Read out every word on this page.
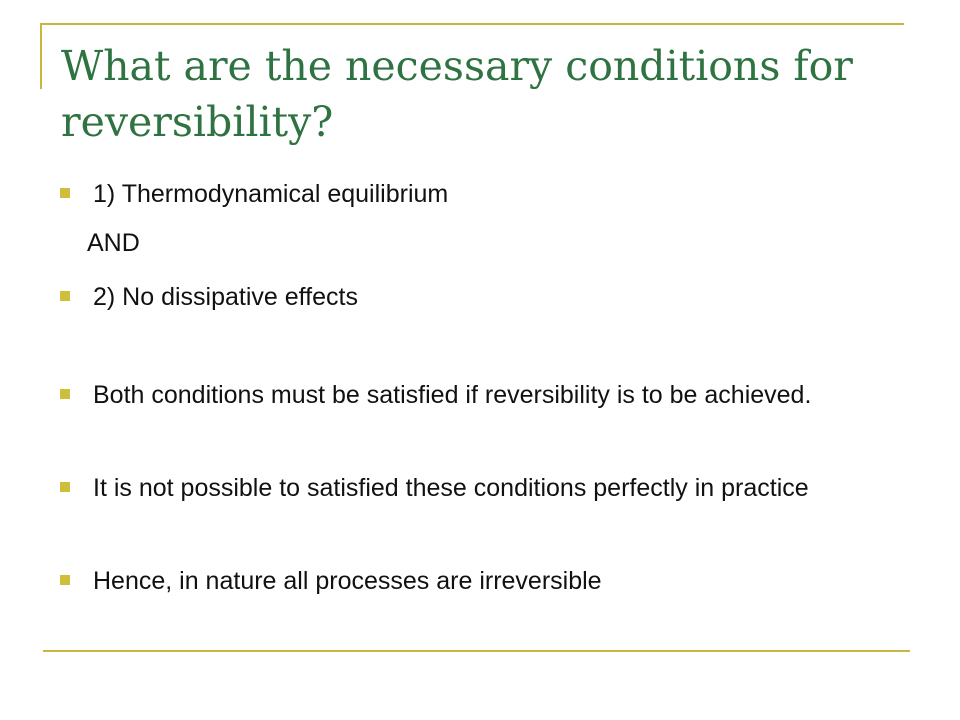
What are the necessary conditions for reversibility?
1) Thermodynamical equilibrium
AND
2) No dissipative effects
Both conditions must be satisfied if reversibility is to be achieved.
It is not possible to satisfied these conditions perfectly in practice
Hence, in nature all processes are irreversible
